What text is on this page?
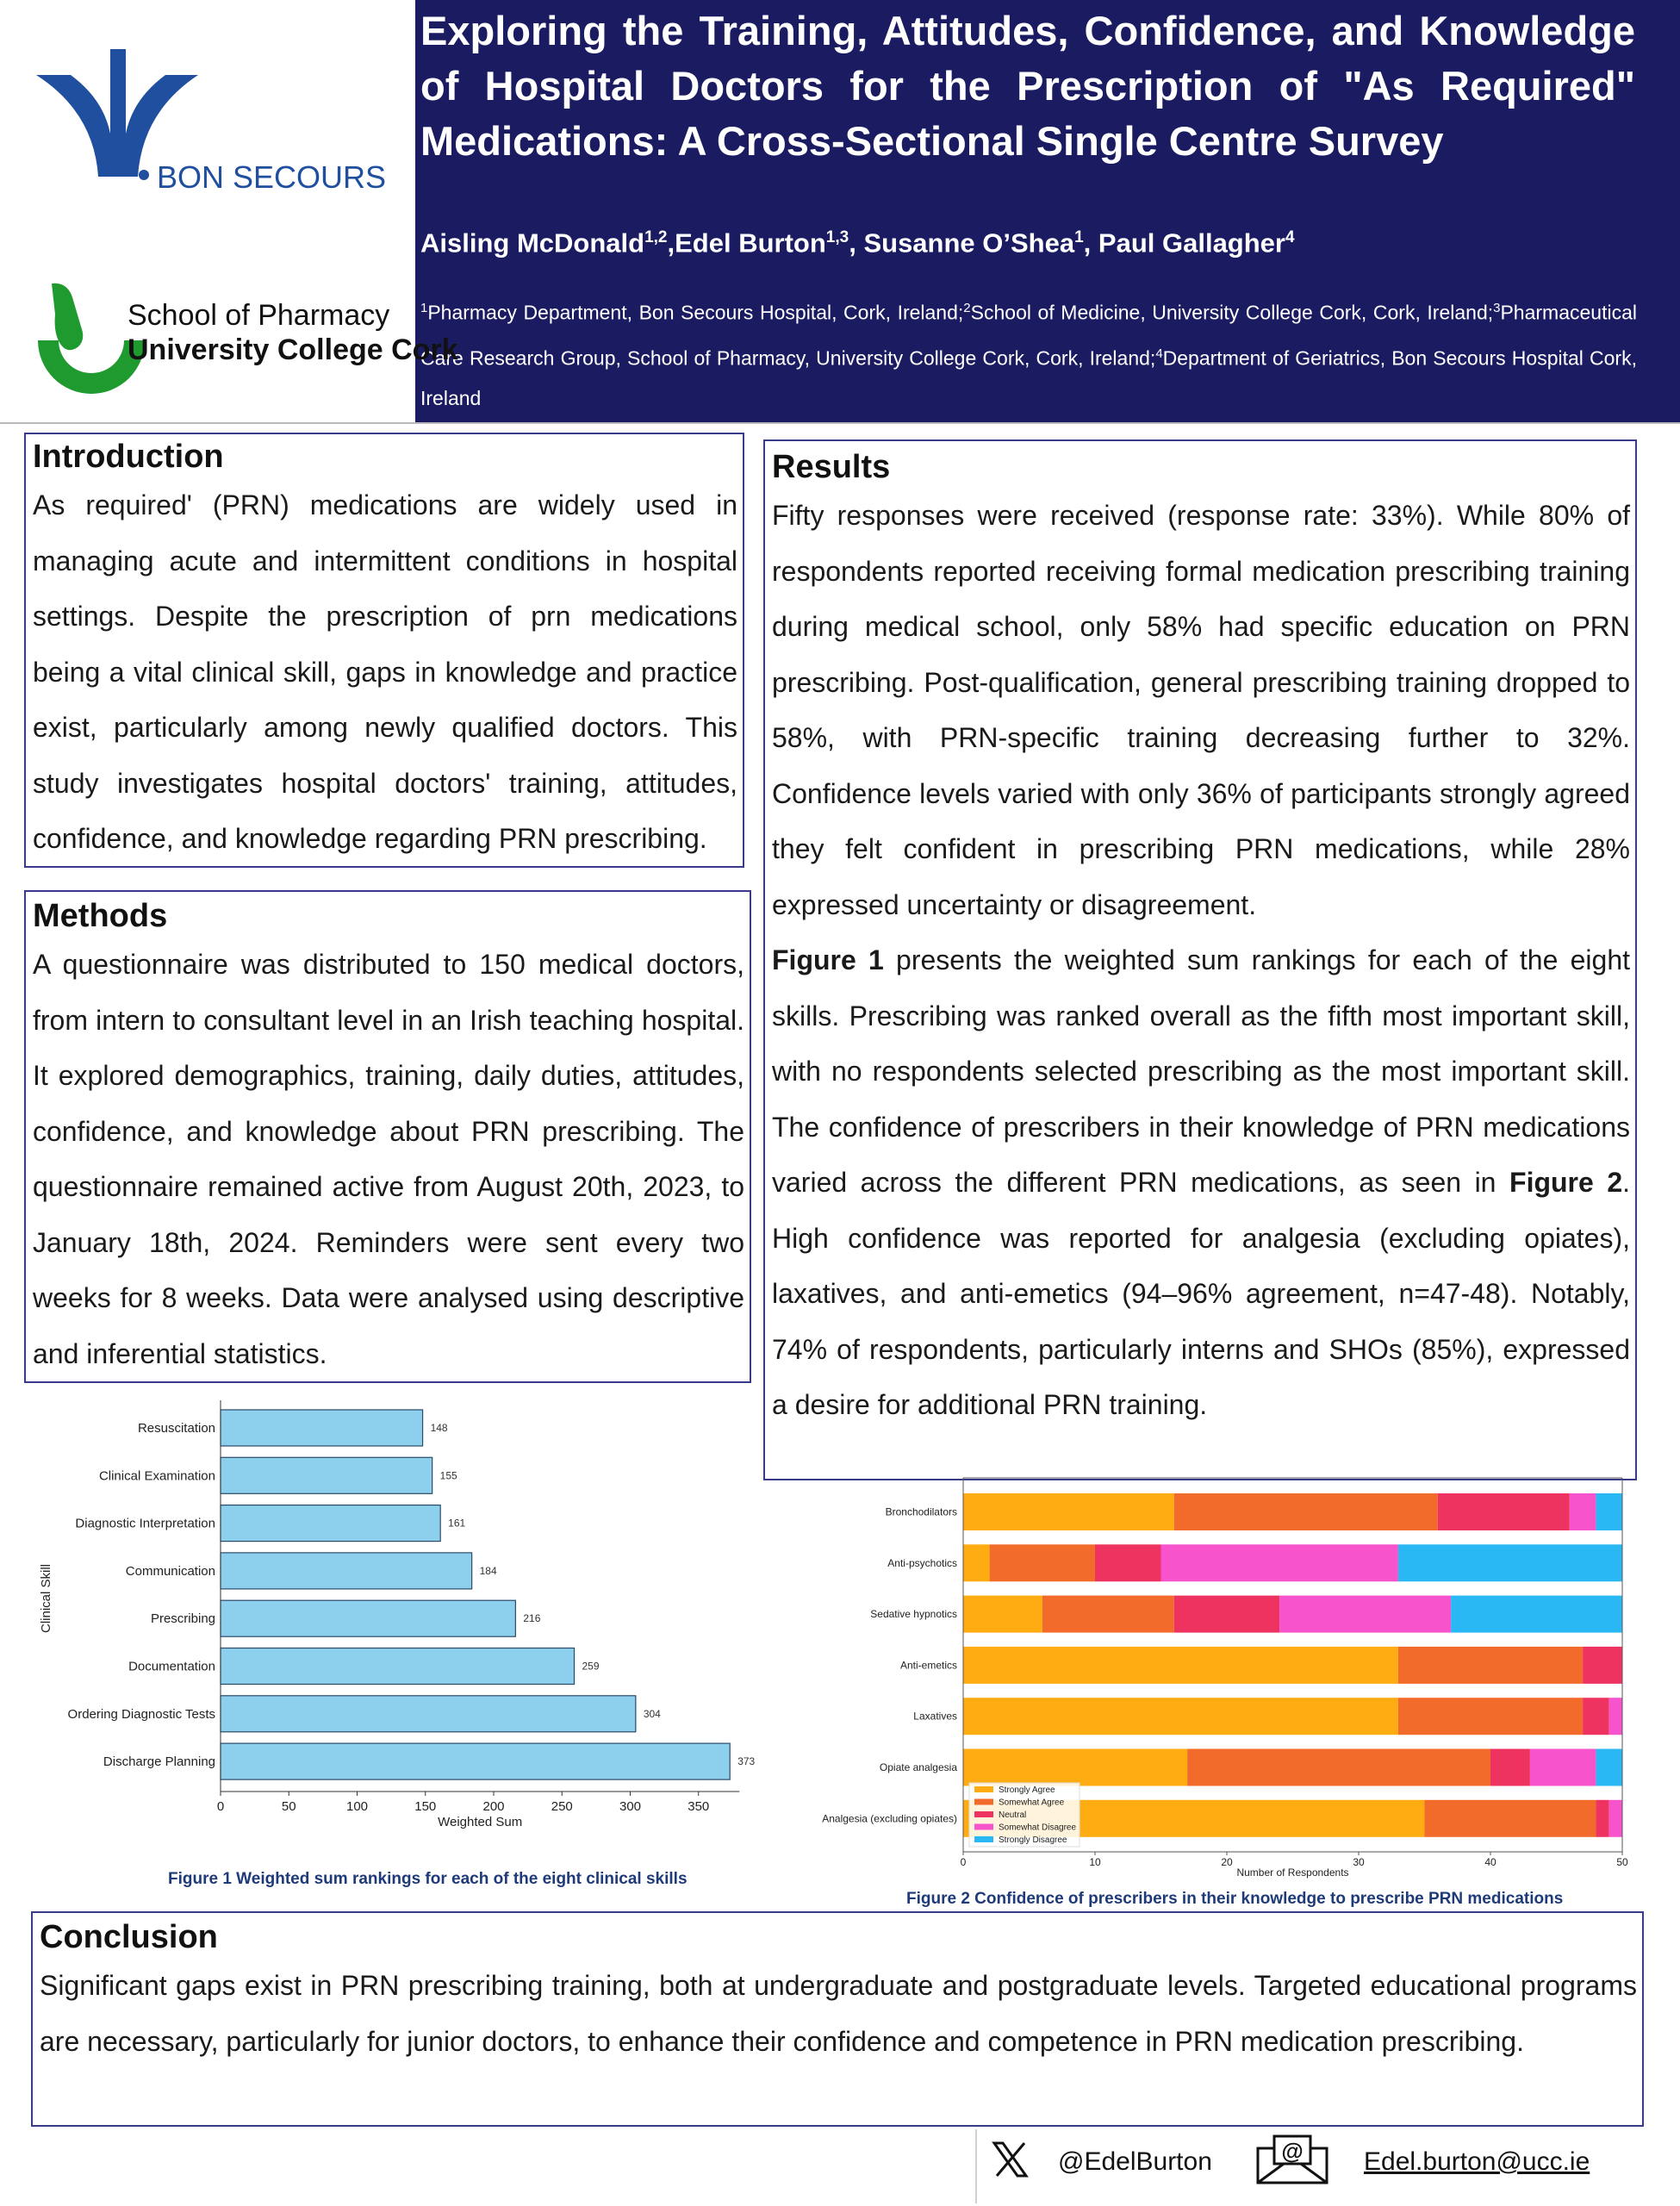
Exploring the Training, Attitudes, Confidence, and Knowledge of Hospital Doctors for the Prescription of "As Required" Medications: A Cross-Sectional Single Centre Survey
Aisling McDonald$^{1,2}$,Edel Burton$^{1,3}$, Susanne O’Shea$^1$, Paul Gallagher$^4$
$^1$Pharmacy Department, Bon Secours Hospital, Cork, Ireland;$^2$School of Medicine, University College Cork, Cork, Ireland;$^3$Pharmaceutical Care Research Group, School of Pharmacy, University College Cork, Cork, Ireland;$^4$Department of Geriatrics, Bon Secours Hospital Cork, Ireland
BON SECOURS
School of Pharmacy
University College Cork
Introduction

As required' (PRN) medications are widely used in managing acute and intermittent conditions in hospital settings. Despite the prescription of prn medications being a vital clinical skill, gaps in knowledge and practice exist, particularly among newly qualified doctors. This study investigates hospital doctors' training, attitudes, confidence, and knowledge regarding PRN prescribing.

Methods

A questionnaire was distributed to 150 medical doctors, from intern to consultant level in an Irish teaching hospital. It explored demographics, training, daily duties, attitudes, confidence, and knowledge about PRN prescribing. The questionnaire remained active from August 20th, 2023, to January 18th, 2024. Reminders were sent every two weeks for 8 weeks. Data were analysed using descriptive and inferential statistics.

Results

Fifty responses were received (response rate: 33%). While 80% of respondents reported receiving formal medication prescribing training during medical school, only 58% had specific education on PRN prescribing. Post-qualification, general prescribing training dropped to 58%, with PRN-specific training decreasing further to 32%. Confidence levels varied with only 36% of participants strongly agreed they felt confident in prescribing PRN medications, while 28% expressed uncertainty or disagreement.

Figure 1 presents the weighted sum rankings for each of the eight skills. Prescribing was ranked overall as the fifth most important skill, with no respondents selected prescribing as the most important skill. The confidence of prescribers in their knowledge of PRN medications varied across the different PRN medications, as seen in Figure 2. High confidence was reported for analgesia (excluding opiates), laxatives, and anti-emetics (94–96% agreement, n=47-48). Notably, 74% of respondents, particularly interns and SHOs (85%), expressed a desire for additional PRN training.

Resuscitation	148
Clinical Examination	155
Diagnostic Interpretation	161
Communication	184
Prescribing	216
Documentation	259
Ordering Diagnostic Tests	304
Discharge Planning	373
0	50	100	150	200	250	300	350
Weighted Sum
Clinical Skill
Figure 1 Weighted sum rankings for each of the eight clinical skills
Bronchodilators
Anti-psychotics
Sedative hypnotics
Anti-emetics
Laxatives
Opiate analgesia
Analgesia (excluding opiates)
0	10	20	30	40	50
Number of Respondents
Strongly Agree
Somewhat Agree
Neutral
Somewhat Disagree
Strongly Disagree
Figure 2 Confidence of prescribers in their knowledge to prescribe PRN medications
Conclusion

Significant gaps exist in PRN prescribing training, both at undergraduate and postgraduate levels. Targeted educational programs are necessary, particularly for junior doctors, to enhance their confidence and competence in PRN medication prescribing.

@EdelBurton	@ Edel.burton@ucc.ie
